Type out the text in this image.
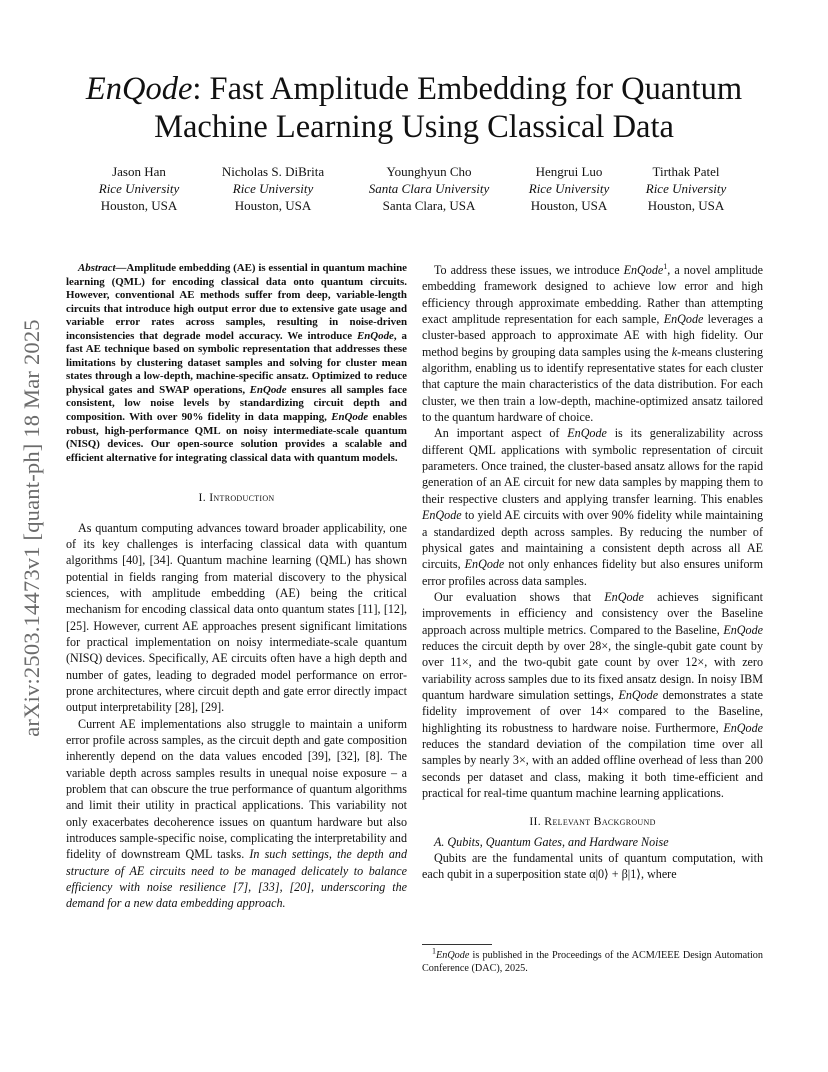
arXiv:2503.14473v1 [quant-ph] 18 Mar 2025
EnQode: Fast Amplitude Embedding for Quantum
Machine Learning Using Classical Data
Jason Han
Rice University
Houston, USA
Nicholas S. DiBrita
Rice University
Houston, USA
Younghyun Cho
Santa Clara University
Santa Clara, USA
Hengrui Luo
Rice University
Houston, USA
Tirthak Patel
Rice University
Houston, USA

Abstract—Amplitude embedding (AE) is essential in quantum machine learning (QML) for encoding classical data onto quantum circuits. However, conventional AE methods suffer from deep, variable-length circuits that introduce high output error due to extensive gate usage and variable error rates across samples, resulting in noise-driven inconsistencies that degrade model accuracy. We introduce EnQode, a fast AE technique based on symbolic representation that addresses these limitations by clustering dataset samples and solving for cluster mean states through a low-depth, machine-specific ansatz. Optimized to reduce physical gates and SWAP operations, EnQode ensures all samples face consistent, low noise levels by standardizing circuit depth and composition. With over 90% fidelity in data mapping, EnQode enables robust, high-performance QML on noisy intermediate-scale quantum (NISQ) devices. Our open-source solution provides a scalable and efficient alternative for integrating classical data with quantum models.

I. Introduction

As quantum computing advances toward broader applicability, one of its key challenges is interfacing classical data with quantum algorithms [40], [34]. Quantum machine learning (QML) has shown potential in fields ranging from material discovery to the physical sciences, with amplitude embedding (AE) being the critical mechanism for encoding classical data onto quantum states [11], [12], [25]. However, current AE approaches present significant limitations for practical implementation on noisy intermediate-scale quantum (NISQ) devices. Specifically, AE circuits often have a high depth and number of gates, leading to degraded model performance on error-prone architectures, where circuit depth and gate error directly impact output interpretability [28], [29].

Current AE implementations also struggle to maintain a uniform error profile across samples, as the circuit depth and gate composition inherently depend on the data values encoded [39], [32], [8]. The variable depth across samples results in unequal noise exposure – a problem that can obscure the true performance of quantum algorithms and limit their utility in practical applications. This variability not only exacerbates decoherence issues on quantum hardware but also introduces sample-specific noise, complicating the interpretability and fidelity of downstream QML tasks. In such settings, the depth and structure of AE circuits need to be managed delicately to balance efficiency with noise resilience [7], [33], [20], underscoring the demand for a new data embedding approach.

To address these issues, we introduce EnQode$^1$, a novel amplitude embedding framework designed to achieve low error and high efficiency through approximate embedding. Rather than attempting exact amplitude representation for each sample, EnQode leverages a cluster-based approach to approximate AE with high fidelity. Our method begins by grouping data samples using the k-means clustering algorithm, enabling us to identify representative states for each cluster that capture the main characteristics of the data distribution. For each cluster, we then train a low-depth, machine-optimized ansatz tailored to the quantum hardware of choice.

An important aspect of EnQode is its generalizability across different QML applications with symbolic representation of circuit parameters. Once trained, the cluster-based ansatz allows for the rapid generation of an AE circuit for new data samples by mapping them to their respective clusters and applying transfer learning. This enables EnQode to yield AE circuits with over 90% fidelity while maintaining a standardized depth across samples. By reducing the number of physical gates and maintaining a consistent depth across all AE circuits, EnQode not only enhances fidelity but also ensures uniform error profiles across data samples.

Our evaluation shows that EnQode achieves significant improvements in efficiency and consistency over the Baseline approach across multiple metrics. Compared to the Baseline, EnQode reduces the circuit depth by over 28×, the single-qubit gate count by over 11×, and the two-qubit gate count by over 12×, with zero variability across samples due to its fixed ansatz design. In noisy IBM quantum hardware simulation settings, EnQode demonstrates a state fidelity improvement of over 14× compared to the Baseline, highlighting its robustness to hardware noise. Furthermore, EnQode reduces the standard deviation of the compilation time over all samples by nearly 3×, with an added offline overhead of less than 200 seconds per dataset and class, making it both time-efficient and practical for real-time quantum machine learning applications.

II. Relevant Background

A. Qubits, Quantum Gates, and Hardware Noise

Qubits are the fundamental units of quantum computation, with each qubit in a superposition state α|0⟩ + β|1⟩, where

$^1$EnQode is published in the Proceedings of the ACM/IEEE Design Automation Conference (DAC), 2025.
